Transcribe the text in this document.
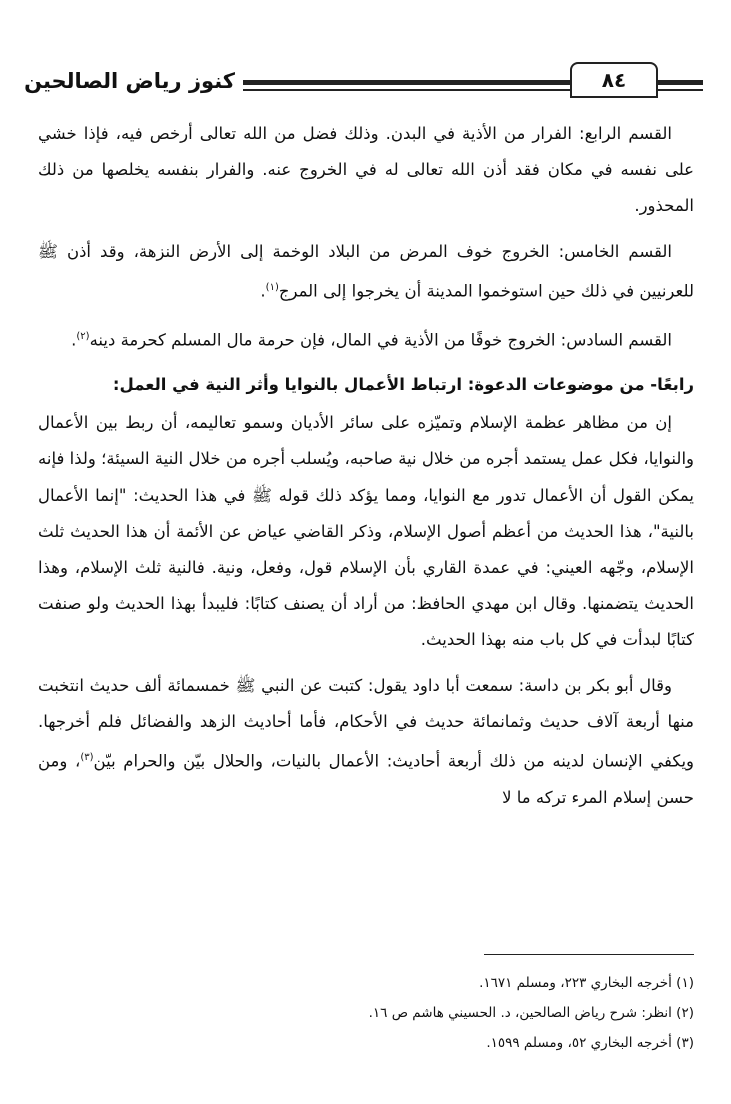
كنوز رياض الصالحين	٨٤

القسم الرابع: الفرار من الأذية في البدن. وذلك فضل من الله تعالى أرخص فيه، فإذا خشي على نفسه في مكان فقد أذن الله تعالى له في الخروج عنه. والفرار بنفسه يخلصها من ذلك المحذور.

القسم الخامس: الخروج خوف المرض من البلاد الوخمة إلى الأرض النزهة، وقد أذن ﷺ للعرنيين في ذلك حين استوخموا المدينة أن يخرجوا إلى المرج$^{(١)}$.

القسم السادس: الخروج خوفًا من الأذية في المال، فإن حرمة مال المسلم كحرمة دينه$^{(٢)}$.

رابعًا- من موضوعات الدعوة: ارتباط الأعمال بالنوايا وأثر النية في العمل:

إن من مظاهر عظمة الإسلام وتميّزه على سائر الأديان وسمو تعاليمه، أن ربط بين الأعمال والنوايا، فكل عمل يستمد أجره من خلال نية صاحبه، ويُسلب أجره من خلال النية السيئة؛ ولذا فإنه يمكن القول أن الأعمال تدور مع النوايا، ومما يؤكد ذلك قوله ﷺ في هذا الحديث: "إنما الأعمال بالنية"، هذا الحديث من أعظم أصول الإسلام، وذكر القاضي عياض عن الأئمة أن هذا الحديث ثلث الإسلام، وجّهه العيني: في عمدة القاري بأن الإسلام قول، وفعل، ونية. فالنية ثلث الإسلام، وهذا الحديث يتضمنها. وقال ابن مهدي الحافظ: من أراد أن يصنف كتابًا: فليبدأ بهذا الحديث ولو صنفت كتابًا لبدأت في كل باب منه بهذا الحديث.

وقال أبو بكر بن داسة: سمعت أبا داود يقول: كتبت عن النبي ﷺ خمسمائة ألف حديث انتخبت منها أربعة آلاف حديث وثمانمائة حديث في الأحكام، فأما أحاديث الزهد والفضائل فلم أخرجها. ويكفي الإنسان لدينه من ذلك أربعة أحاديث: الأعمال بالنيات، والحلال بيّن والحرام بيّن$^{(٣)}$، ومن حسن إسلام المرء تركه ما لا

(١) أخرجه البخاري ٢٢٣، ومسلم ١٦٧١.

(٢) انظر: شرح رياض الصالحين، د. الحسيني هاشم ص ١٦.

(٣) أخرجه البخاري ٥٢، ومسلم ١٥٩٩.
